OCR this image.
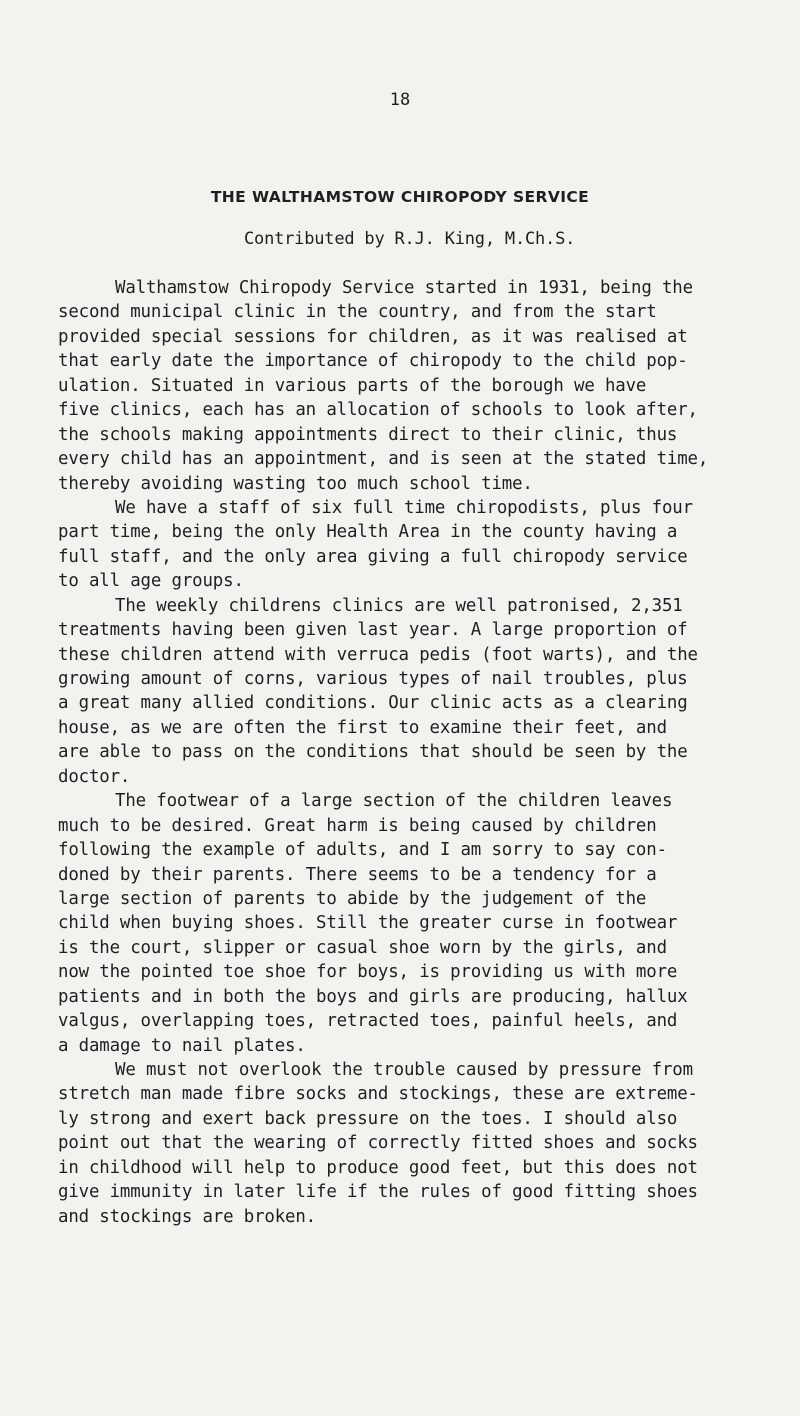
18
THE WALTHAMSTOW CHIROPODY SERVICE
Contributed by R.J. King, M.Ch.S.
Walthamstow Chiropody Service started in 1931, being the
second municipal clinic in the country, and from the start
provided special sessions for children, as it was realised at
that early date the importance of chiropody to the child pop-
ulation. Situated in various parts of the borough we have
five clinics, each has an allocation of schools to look after,
the schools making appointments direct to their clinic, thus
every child has an appointment, and is seen at the stated time,
thereby avoiding wasting too much school time.
We have a staff of six full time chiropodists, plus four
part time, being the only Health Area in the county having a
full staff, and the only area giving a full chiropody service
to all age groups.
The weekly childrens clinics are well patronised, 2,351
treatments having been given last year. A large proportion of
these children attend with verruca pedis (foot warts), and the
growing amount of corns, various types of nail troubles, plus
a great many allied conditions. Our clinic acts as a clearing
house, as we are often the first to examine their feet, and
are able to pass on the conditions that should be seen by the
doctor.
The footwear of a large section of the children leaves
much to be desired. Great harm is being caused by children
following the example of adults, and I am sorry to say con-
doned by their parents. There seems to be a tendency for a
large section of parents to abide by the judgement of the
child when buying shoes. Still the greater curse in footwear
is the court, slipper or casual shoe worn by the girls, and
now the pointed toe shoe for boys, is providing us with more
patients and in both the boys and girls are producing, hallux
valgus, overlapping toes, retracted toes, painful heels, and
a damage to nail plates.
We must not overlook the trouble caused by pressure from
stretch man made fibre socks and stockings, these are extreme-
ly strong and exert back pressure on the toes. I should also
point out that the wearing of correctly fitted shoes and socks
in childhood will help to produce good feet, but this does not
give immunity in later life if the rules of good fitting shoes
and stockings are broken.
